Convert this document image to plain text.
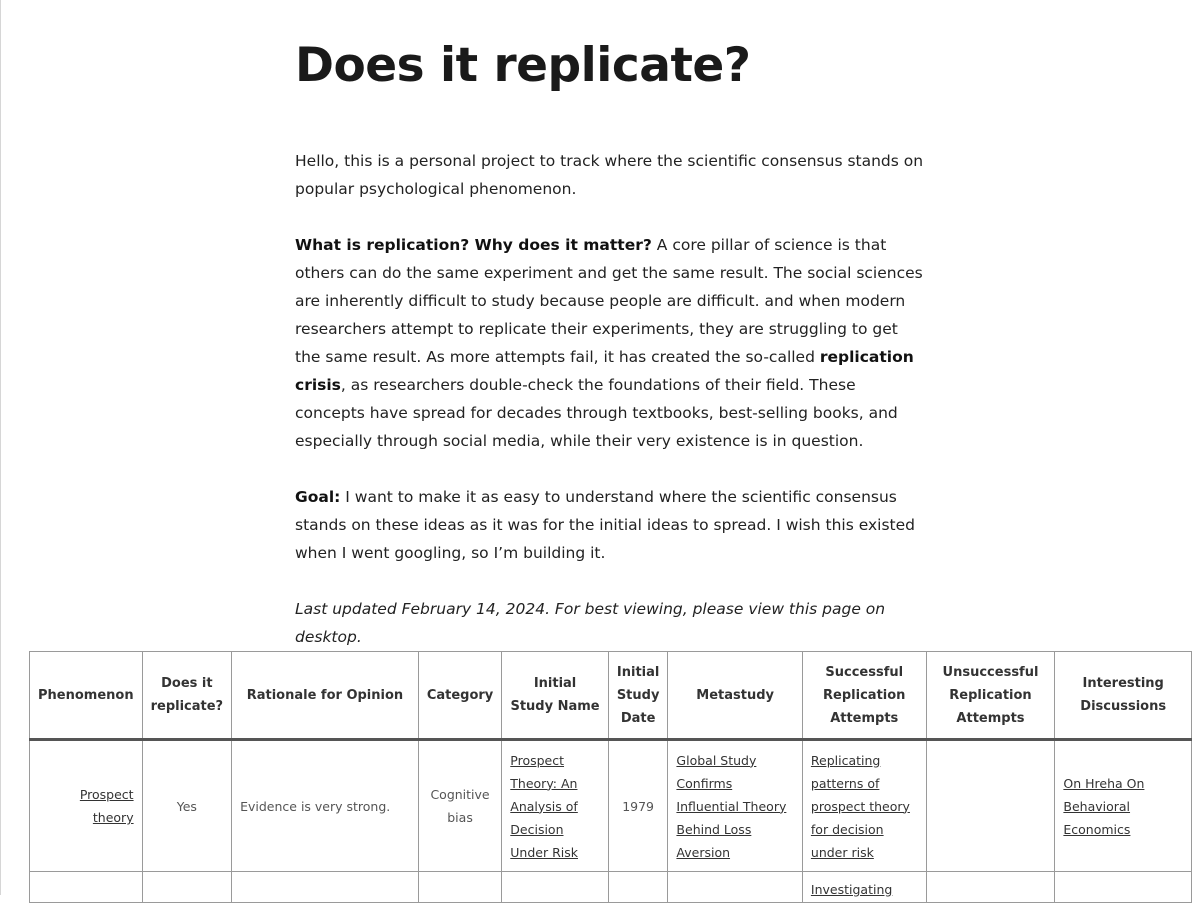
Does it replicate?

Hello, this is a personal project to track where the scientific consensus stands on popular psychological phenomenon.

What is replication? Why does it matter? A core pillar of science is that others can do the same experiment and get the same result. The social sciences are inherently difficult to study because people are difficult. and when modern researchers attempt to replicate their experiments, they are struggling to get the same result. As more attempts fail, it has created the so-called replication crisis, as researchers double-check the foundations of their field. These concepts have spread for decades through textbooks, best-selling books, and especially through social media, while their very existence is in question.

Goal: I want to make it as easy to understand where the scientific consensus stands on these ideas as it was for the initial ideas to spread. I wish this existed when I went googling, so I’m building it.

Last updated February 14, 2024. For best viewing, please view this page on desktop.

Phenomenon	Does it replicate?	Rationale for Opinion	Category	Initial Study Name	Initial Study Date	Metastudy	Successful Replication Attempts	Unsuccessful Replication Attempts	Interesting Discussions
Prospect theory	Yes	Evidence is very strong.	Cognitive bias	Prospect Theory: An Analysis of Decision Under Risk	1979	Global Study Confirms Influential Theory Behind Loss Aversion	Replicating patterns of prospect theory for decision under risk		On Hreha On Behavioral Economics

							Investigating		
